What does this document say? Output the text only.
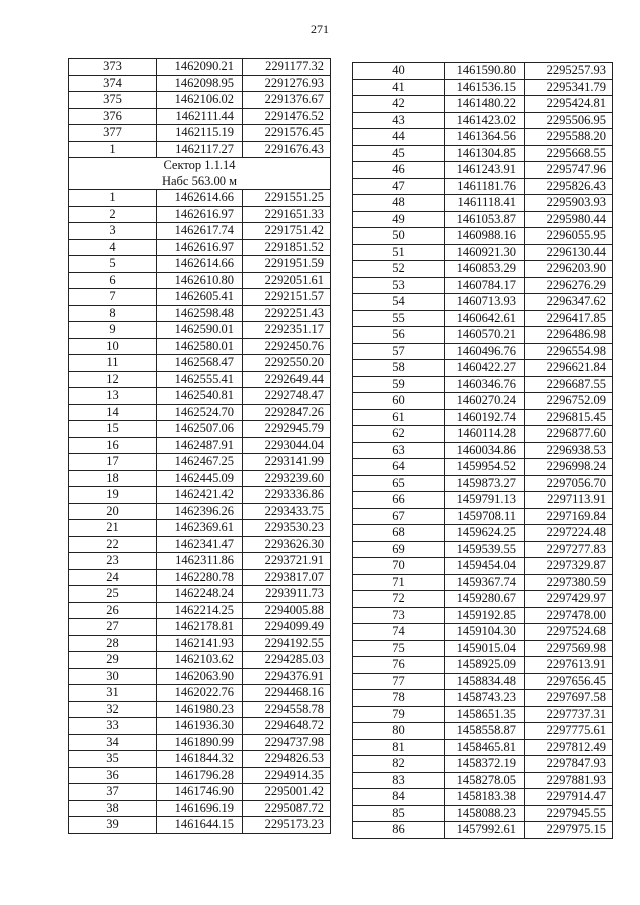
271
373	1462090.21	2291177.32
374	1462098.95	2291276.93
375	1462106.02	2291376.67
376	1462111.44	2291476.52
377	1462115.19	2291576.45
1	1462117.27	2291676.43
Сектор 1.1.14		
Набс 563.00 м		
1	1462614.66	2291551.25
2	1462616.97	2291651.33
3	1462617.74	2291751.42
4	1462616.97	2291851.52
5	1462614.66	2291951.59
6	1462610.80	2292051.61
7	1462605.41	2292151.57
8	1462598.48	2292251.43
9	1462590.01	2292351.17
10	1462580.01	2292450.76
11	1462568.47	2292550.20
12	1462555.41	2292649.44
13	1462540.81	2292748.47
14	1462524.70	2292847.26
15	1462507.06	2292945.79
16	1462487.91	2293044.04
17	1462467.25	2293141.99
18	1462445.09	2293239.60
19	1462421.42	2293336.86
20	1462396.26	2293433.75
21	1462369.61	2293530.23
22	1462341.47	2293626.30
23	1462311.86	2293721.91
24	1462280.78	2293817.07
25	1462248.24	2293911.73
26	1462214.25	2294005.88
27	1462178.81	2294099.49
28	1462141.93	2294192.55
29	1462103.62	2294285.03
30	1462063.90	2294376.91
31	1462022.76	2294468.16
32	1461980.23	2294558.78
33	1461936.30	2294648.72
34	1461890.99	2294737.98
35	1461844.32	2294826.53
36	1461796.28	2294914.35
37	1461746.90	2295001.42
38	1461696.19	2295087.72
39	1461644.15	2295173.23
40	1461590.80	2295257.93
41	1461536.15	2295341.79
42	1461480.22	2295424.81
43	1461423.02	2295506.95
44	1461364.56	2295588.20
45	1461304.85	2295668.55
46	1461243.91	2295747.96
47	1461181.76	2295826.43
48	1461118.41	2295903.93
49	1461053.87	2295980.44
50	1460988.16	2296055.95
51	1460921.30	2296130.44
52	1460853.29	2296203.90
53	1460784.17	2296276.29
54	1460713.93	2296347.62
55	1460642.61	2296417.85
56	1460570.21	2296486.98
57	1460496.76	2296554.98
58	1460422.27	2296621.84
59	1460346.76	2296687.55
60	1460270.24	2296752.09
61	1460192.74	2296815.45
62	1460114.28	2296877.60
63	1460034.86	2296938.53
64	1459954.52	2296998.24
65	1459873.27	2297056.70
66	1459791.13	2297113.91
67	1459708.11	2297169.84
68	1459624.25	2297224.48
69	1459539.55	2297277.83
70	1459454.04	2297329.87
71	1459367.74	2297380.59
72	1459280.67	2297429.97
73	1459192.85	2297478.00
74	1459104.30	2297524.68
75	1459015.04	2297569.98
76	1458925.09	2297613.91
77	1458834.48	2297656.45
78	1458743.23	2297697.58
79	1458651.35	2297737.31
80	1458558.87	2297775.61
81	1458465.81	2297812.49
82	1458372.19	2297847.93
83	1458278.05	2297881.93
84	1458183.38	2297914.47
85	1458088.23	2297945.55
86	1457992.61	2297975.15
